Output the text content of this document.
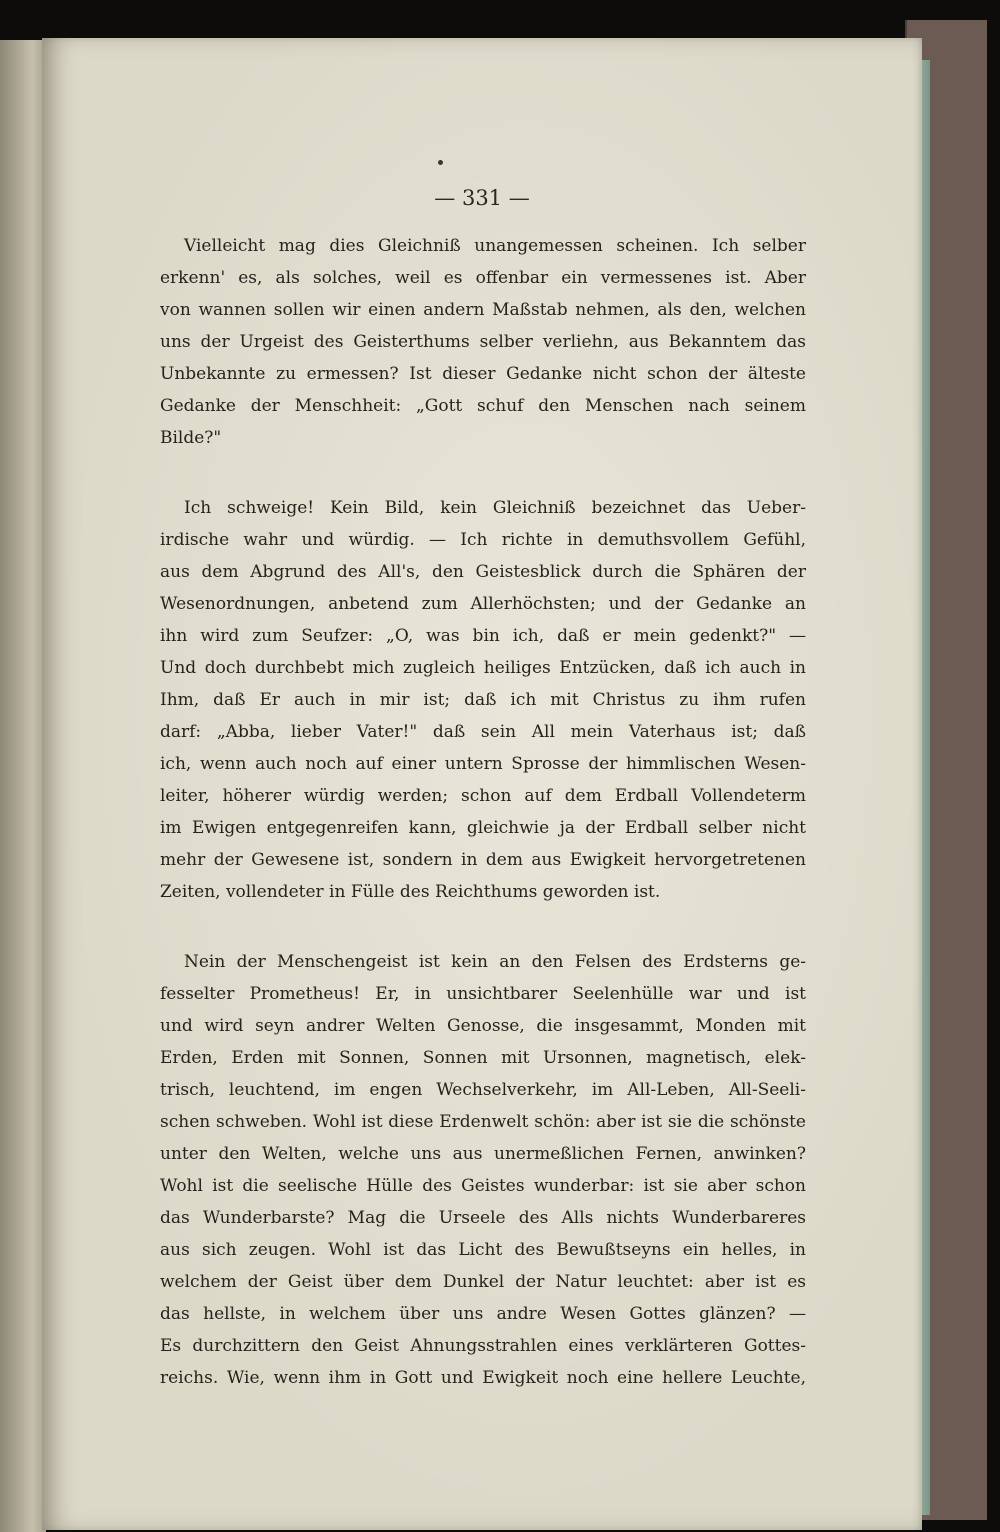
— 331 —
Vielleicht mag dies Gleichniß unangemessen scheinen. Ich selber
erkenn' es, als solches, weil es offenbar ein vermessenes ist. Aber
von wannen sollen wir einen andern Maßstab nehmen, als den, welchen
uns der Urgeist des Geisterthums selber verliehn, aus Bekanntem das
Unbekannte zu ermessen? Ist dieser Gedanke nicht schon der älteste
Gedanke der Menschheit: „Gott schuf den Menschen nach seinem
Bilde?"
Ich schweige! Kein Bild, kein Gleichniß bezeichnet das Ueber-
irdische wahr und würdig. — Ich richte in demuthsvollem Gefühl,
aus dem Abgrund des All's, den Geistesblick durch die Sphären der
Wesenordnungen, anbetend zum Allerhöchsten; und der Gedanke an
ihn wird zum Seufzer: „O, was bin ich, daß er mein gedenkt?" —
Und doch durchbebt mich zugleich heiliges Entzücken, daß ich auch in
Ihm, daß Er auch in mir ist; daß ich mit Christus zu ihm rufen
darf: „Abba, lieber Vater!" daß sein All mein Vaterhaus ist; daß
ich, wenn auch noch auf einer untern Sprosse der himmlischen Wesen-
leiter, höherer würdig werden; schon auf dem Erdball Vollendeterm
im Ewigen entgegenreifen kann, gleichwie ja der Erdball selber nicht
mehr der Gewesene ist, sondern in dem aus Ewigkeit hervorgetretenen
Zeiten, vollendeter in Fülle des Reichthums geworden ist.
Nein der Menschengeist ist kein an den Felsen des Erdsterns ge-
fesselter Prometheus! Er, in unsichtbarer Seelenhülle war und ist
und wird seyn andrer Welten Genosse, die insgesammt, Monden mit
Erden, Erden mit Sonnen, Sonnen mit Ursonnen, magnetisch, elek-
trisch, leuchtend, im engen Wechselverkehr, im All-Leben, All-Seeli-
schen schweben. Wohl ist diese Erdenwelt schön: aber ist sie die schönste
unter den Welten, welche uns aus unermeßlichen Fernen, anwinken?
Wohl ist die seelische Hülle des Geistes wunderbar: ist sie aber schon
das Wunderbarste? Mag die Urseele des Alls nichts Wunderbareres
aus sich zeugen. Wohl ist das Licht des Bewußtseyns ein helles, in
welchem der Geist über dem Dunkel der Natur leuchtet: aber ist es
das hellste, in welchem über uns andre Wesen Gottes glänzen? —
Es durchzittern den Geist Ahnungsstrahlen eines verklärteren Gottes-
reichs. Wie, wenn ihm in Gott und Ewigkeit noch eine hellere Leuchte,
